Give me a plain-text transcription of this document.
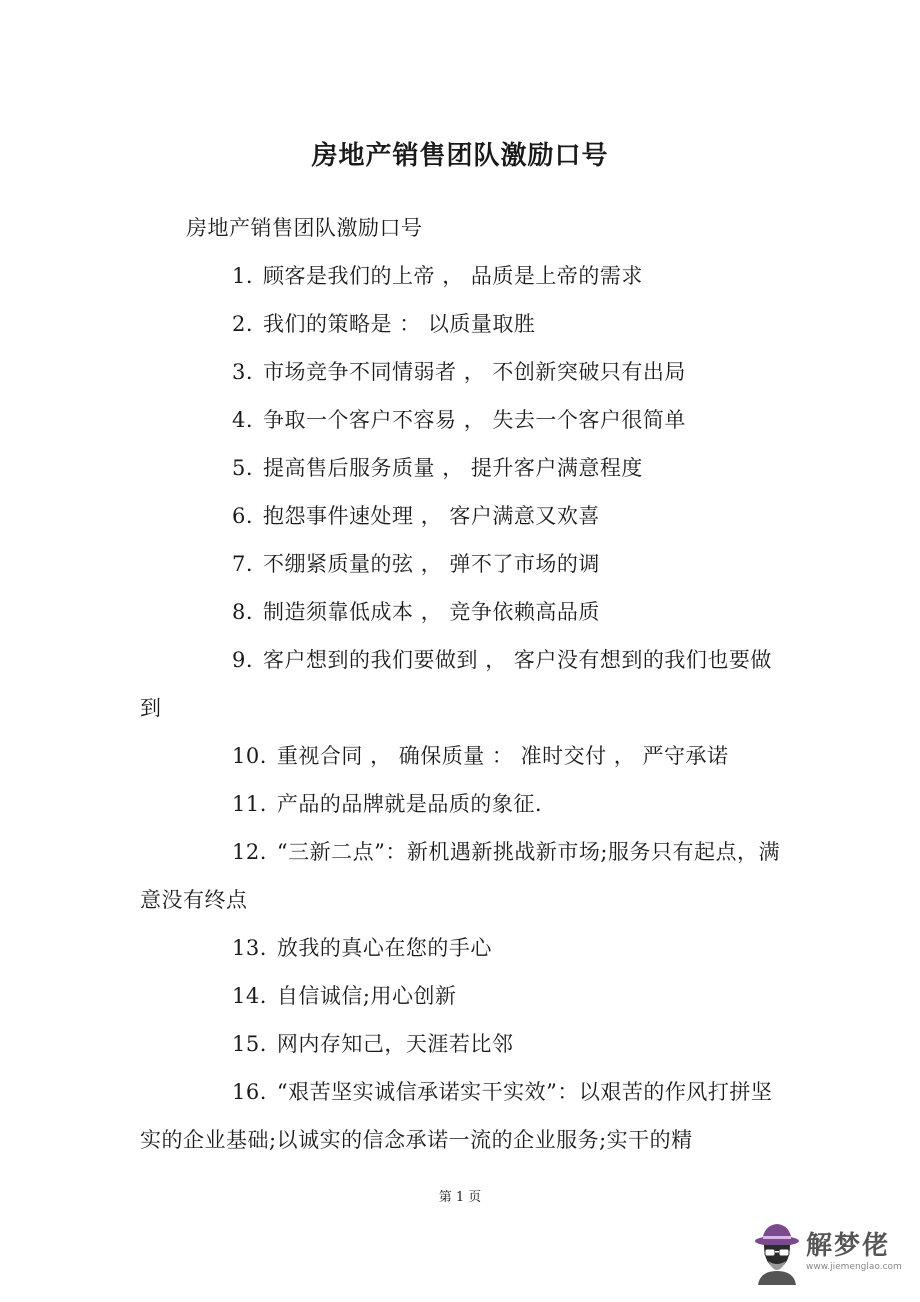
房地产销售团队激励口号

房地产销售团队激励口号

1. 顾客是我们的上帝 ， 品质是上帝的需求

2. 我们的策略是 ： 以质量取胜

3. 市场竞争不同情弱者 ， 不创新突破只有出局

4. 争取一个客户不容易 ， 失去一个客户很简单

5. 提高售后服务质量 ， 提升客户满意程度

6. 抱怨事件速处理 ， 客户满意又欢喜

7. 不绷紧质量的弦 ， 弹不了市场的调

8. 制造须靠低成本 ， 竞争依赖高品质

9. 客户想到的我们要做到 ， 客户没有想到的我们也要做到

10. 重视合同 ， 确保质量 ： 准时交付 ， 严守承诺

11. 产品的品牌就是品质的象征.

12. “三新二点”：新机遇新挑战新市场;服务只有起点，满意没有终点

13. 放我的真心在您的手心

14. 自信诚信;用心创新

15. 网内存知己，天涯若比邻

16. “艰苦坚实诚信承诺实干实效”：以艰苦的作风打拼坚实的企业基础;以诚实的信念承诺一流的企业服务;实干的精

第 1 页
解梦佬
www.jiemenglao.com
